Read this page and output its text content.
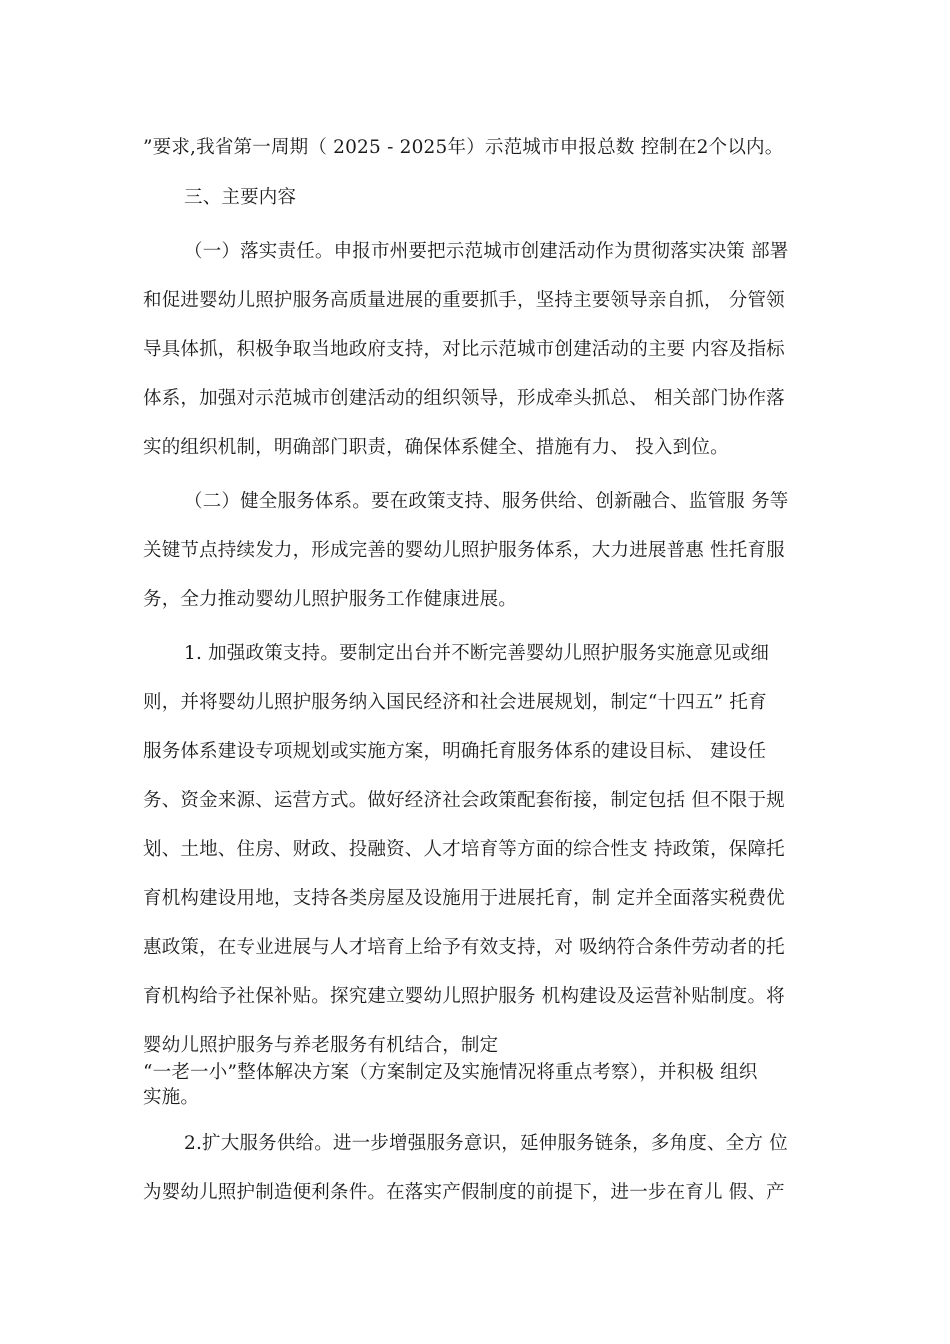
”要求,我省第一周期（ 2025 - 2025年）示范城市申报总数 控制在2个以内。
三、主要内容
（一）落实责任。申报市州要把示范城市创建活动作为贯彻落实决策 部署
和促进婴幼儿照护服务高质量进展的重要抓手，坚持主要领导亲自抓， 分管领
导具体抓，积极争取当地政府支持，对比示范城市创建活动的主要 内容及指标
体系，加强对示范城市创建活动的组织领导，形成牵头抓总、 相关部门协作落
实的组织机制，明确部门职责，确保体系健全、措施有力、 投入到位。
（二）健全服务体系。要在政策支持、服务供给、创新融合、监管服 务等
关键节点持续发力，形成完善的婴幼儿照护服务体系，大力进展普惠 性托育服
务，全力推动婴幼儿照护服务工作健康进展。
1. 加强政策支持。要制定出台并不断完善婴幼儿照护服务实施意见或细
则，并将婴幼儿照护服务纳入国民经济和社会进展规划，制定“十四五” 托育
服务体系建设专项规划或实施方案，明确托育服务体系的建设目标、 建设任
务、资金来源、运营方式。做好经济社会政策配套衔接，制定包括 但不限于规
划、土地、住房、财政、投融资、人才培育等方面的综合性支 持政策，保障托
育机构建设用地，支持各类房屋及设施用于进展托育，制 定并全面落实税费优
惠政策，在专业进展与人才培育上给予有效支持，对 吸纳符合条件劳动者的托
育机构给予社保补贴。探究建立婴幼儿照护服务 机构建设及运营补贴制度。将
婴幼儿照护服务与养老服务有机结合，制定
“一老一小”整体解决方案（方案制定及实施情况将重点考察），并积极 组织
实施。
2.扩大服务供给。进一步增强服务意识，延伸服务链条，多角度、全方 位
为婴幼儿照护制造便利条件。在落实产假制度的前提下，进一步在育儿 假、产
